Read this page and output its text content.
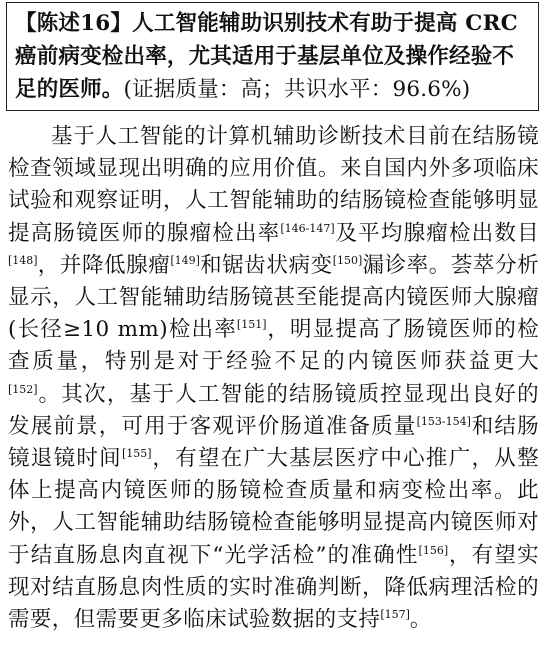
【陈述16】人工智能辅助识别技术有助于提高 CRC 癌前病变检出率，尤其适用于基层单位及操作经验不足的医师。(证据质量：高；共识水平：96.6%)

基于人工智能的计算机辅助诊断技术目前在结肠镜检查领域显现出明确的应用价值。来自国内外多项临床试验和观察证明，人工智能辅助的结肠镜检查能够明显提高肠镜医师的腺瘤检出率[146-147]及平均腺瘤检出数目[148]，并降低腺瘤[149]和锯齿状病变[150]漏诊率。荟萃分析显示，人工智能辅助结肠镜甚至能提高内镜医师大腺瘤(长径≥10 mm)检出率[151]，明显提高了肠镜医师的检查质量，特别是对于经验不足的内镜医师获益更大[152]。其次，基于人工智能的结肠镜质控显现出良好的发展前景，可用于客观评价肠道准备质量[153-154]和结肠镜退镜时间[155]，有望在广大基层医疗中心推广，从整体上提高内镜医师的肠镜检查质量和病变检出率。此外，人工智能辅助结肠镜检查能够明显提高内镜医师对于结直肠息肉直视下“光学活检”的准确性[156]，有望实现对结直肠息肉性质的实时准确判断，降低病理活检的需要，但需要更多临床试验数据的支持[157]。
